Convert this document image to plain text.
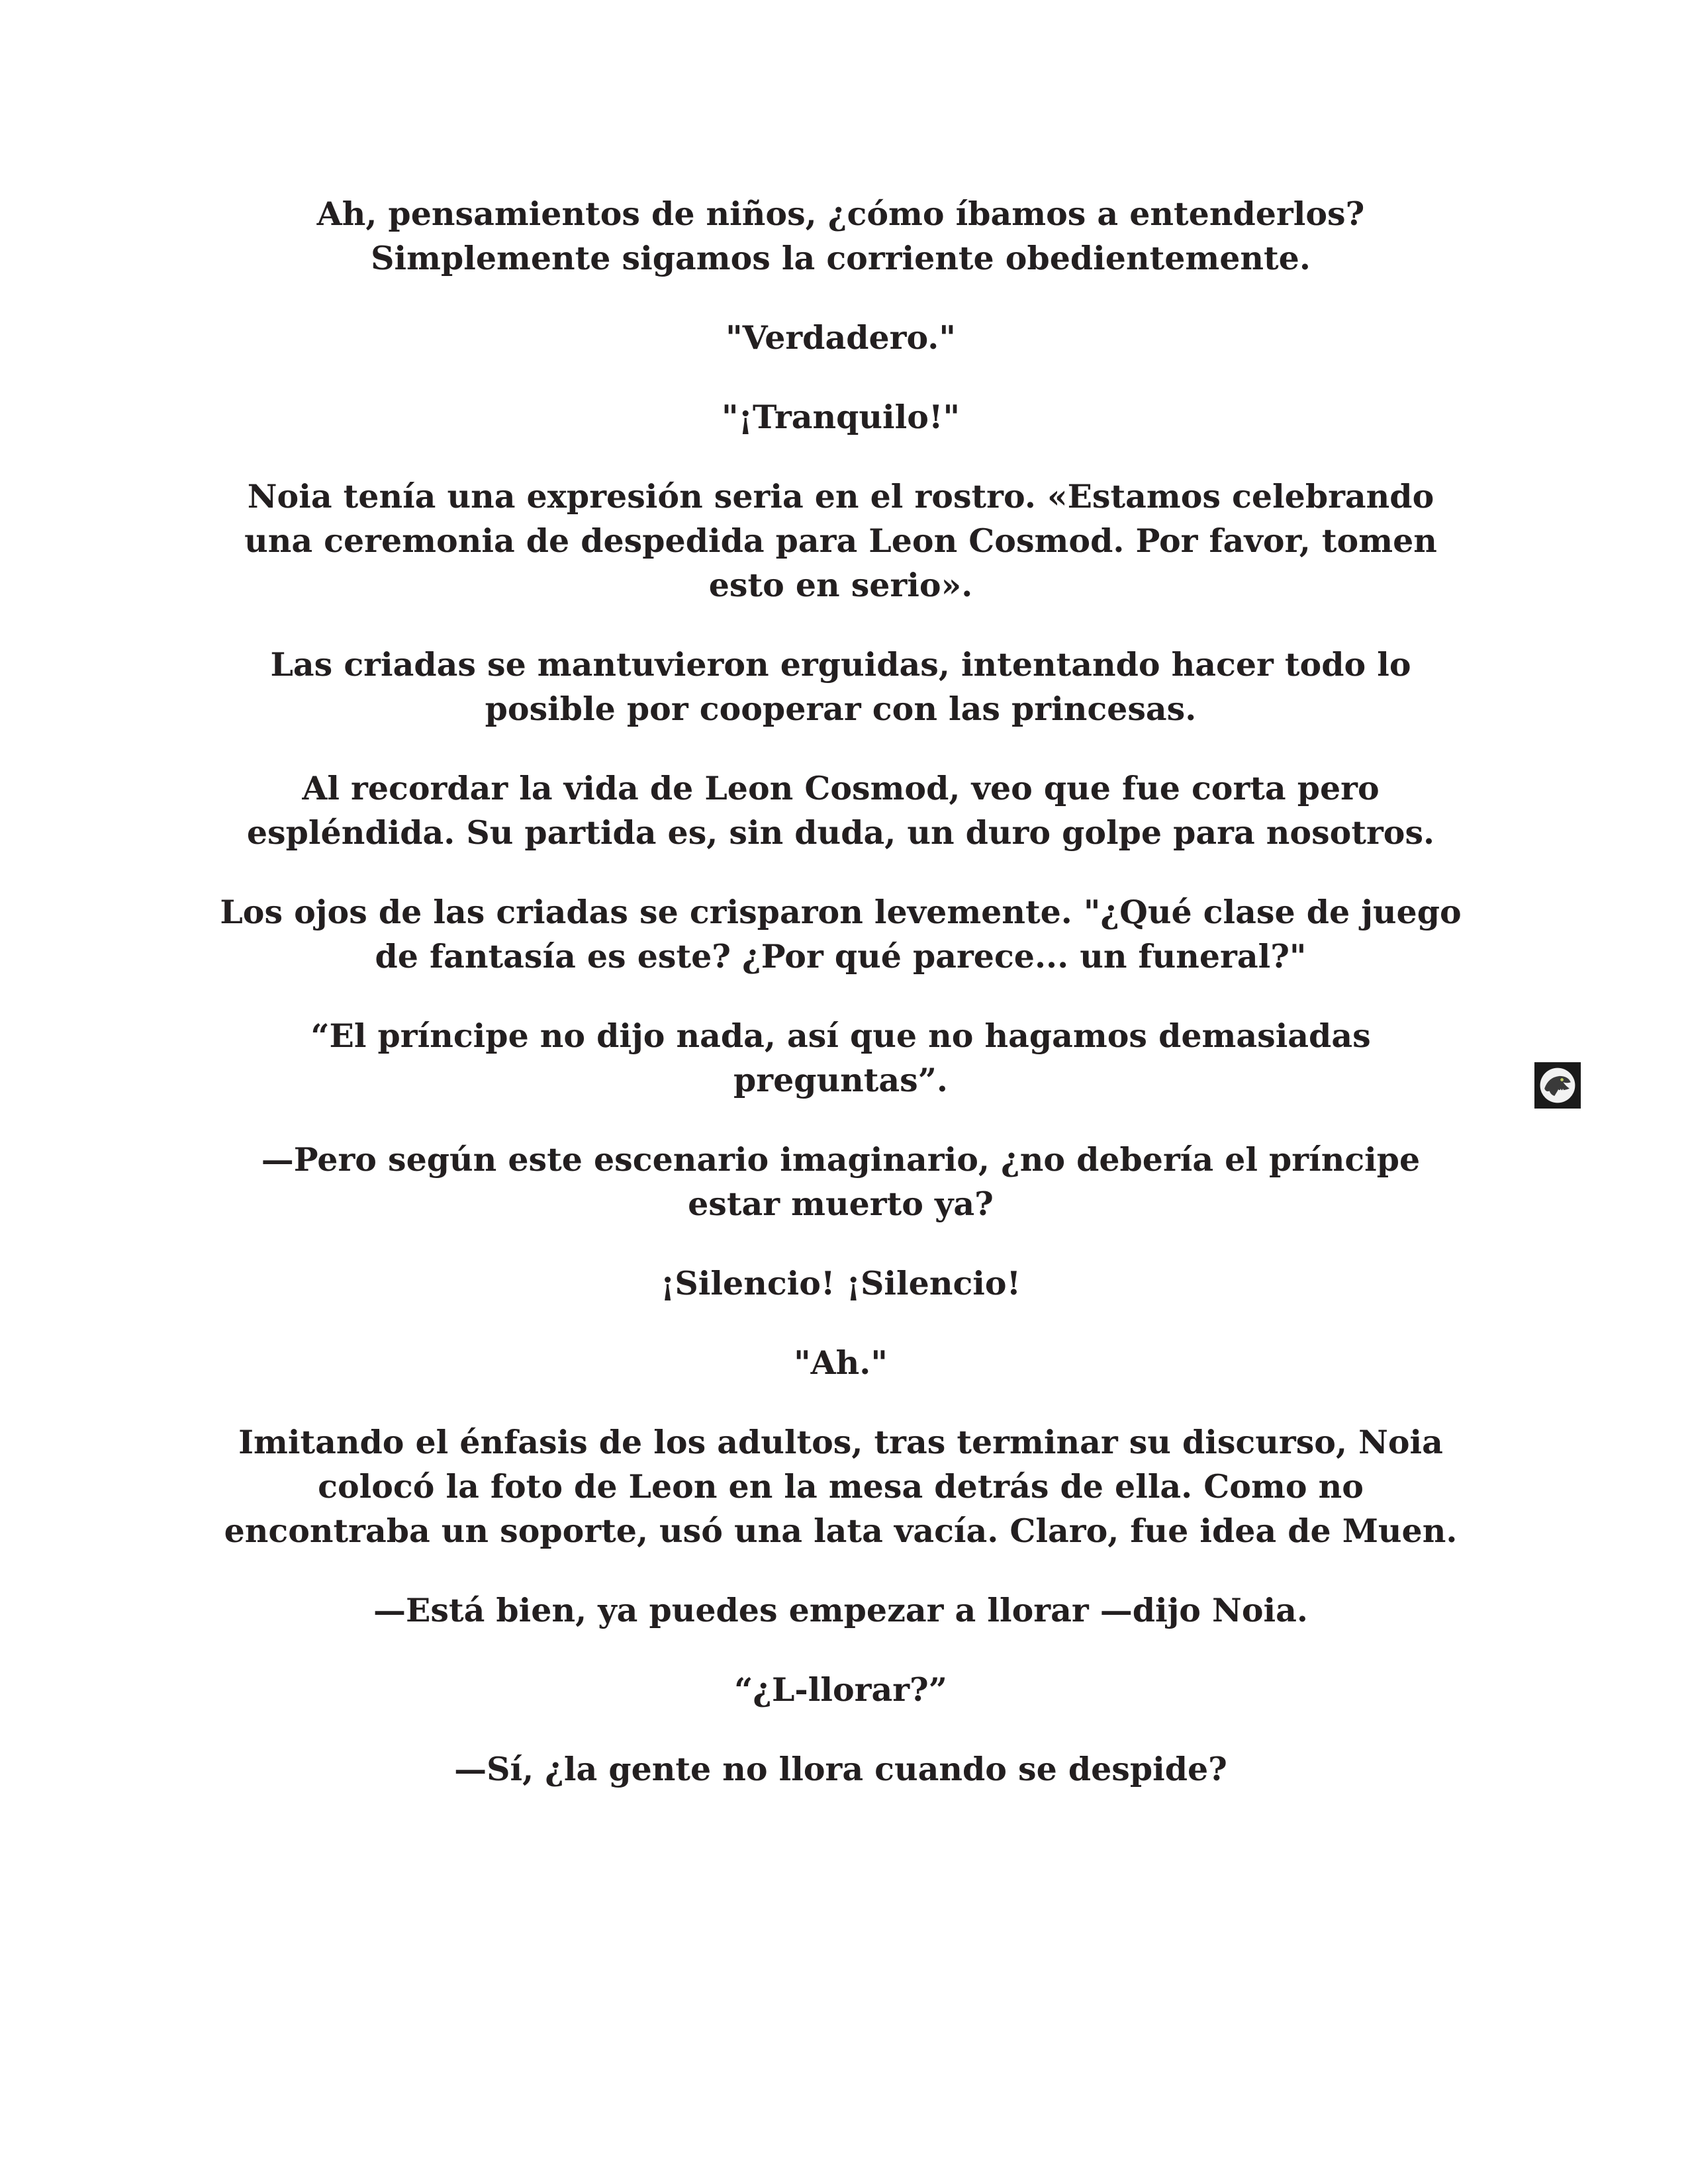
Ah, pensamientos de niños, ¿cómo íbamos a entenderlos? Simplemente sigamos la corriente obedientemente.

"Verdadero."

"¡Tranquilo!"

Noia tenía una expresión seria en el rostro. «Estamos celebrando una ceremonia de despedida para Leon Cosmod. Por favor, tomen esto en serio».

Las criadas se mantuvieron erguidas, intentando hacer todo lo posible por cooperar con las princesas.

Al recordar la vida de Leon Cosmod, veo que fue corta pero espléndida. Su partida es, sin duda, un duro golpe para nosotros.

Los ojos de las criadas se crisparon levemente. "¿Qué clase de juego de fantasía es este? ¿Por qué parece... un funeral?"

“El príncipe no dijo nada, así que no hagamos demasiadas preguntas”.

—Pero según este escenario imaginario, ¿no debería el príncipe estar muerto ya?

¡Silencio! ¡Silencio!

"Ah."

Imitando el énfasis de los adultos, tras terminar su discurso, Noia colocó la foto de Leon en la mesa detrás de ella. Como no encontraba un soporte, usó una lata vacía. Claro, fue idea de Muen.

—Está bien, ya puedes empezar a llorar —dijo Noia.

“¿L-llorar?”

—Sí, ¿la gente no llora cuando se despide?
